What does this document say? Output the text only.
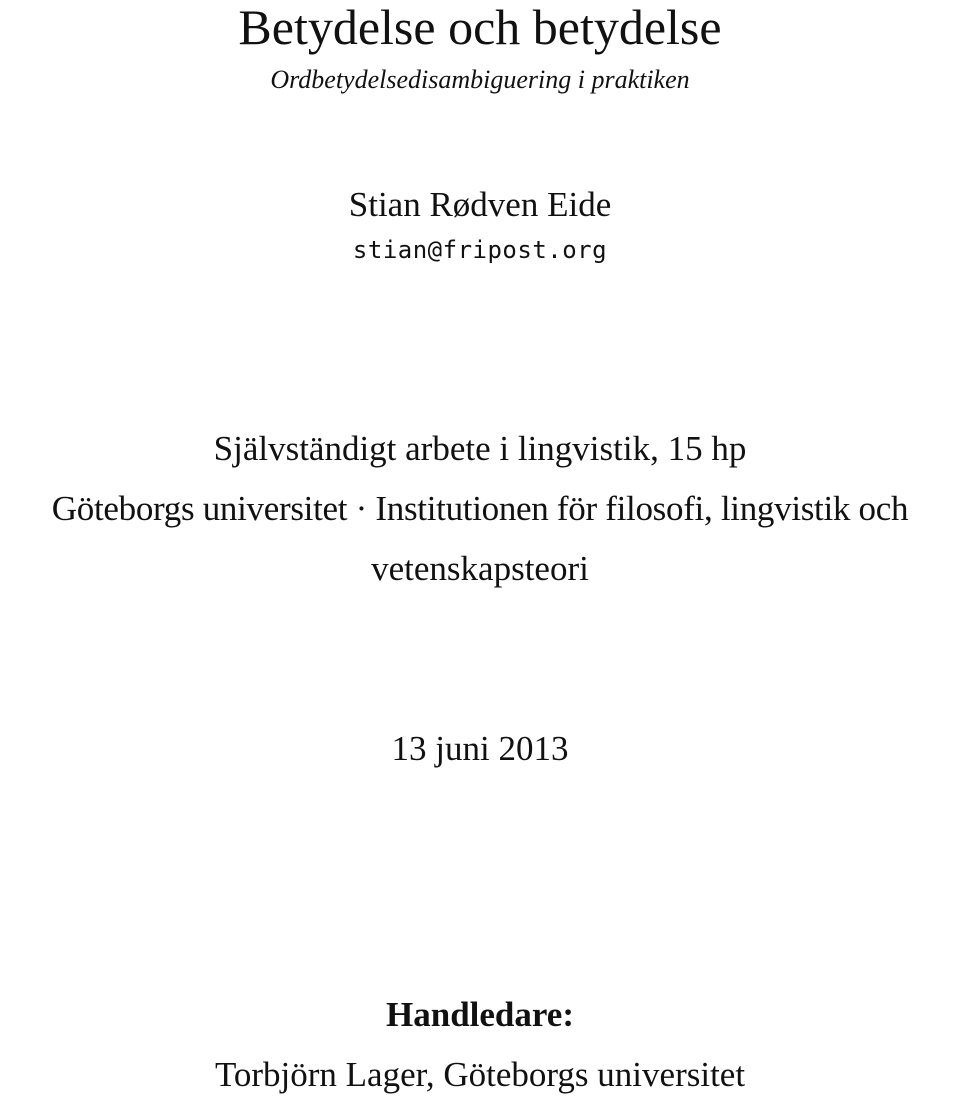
Betydelse och betydelse
Ordbetydelsedisambiguering i praktiken
Stian Rødven Eide
stian@fripost.org
Självständigt arbete i lingvistik, 15 hp
Göteborgs universitet · Institutionen för filosofi, lingvistik och
vetenskapsteori
13 juni 2013
Handledare:
Torbjörn Lager, Göteborgs universitet
